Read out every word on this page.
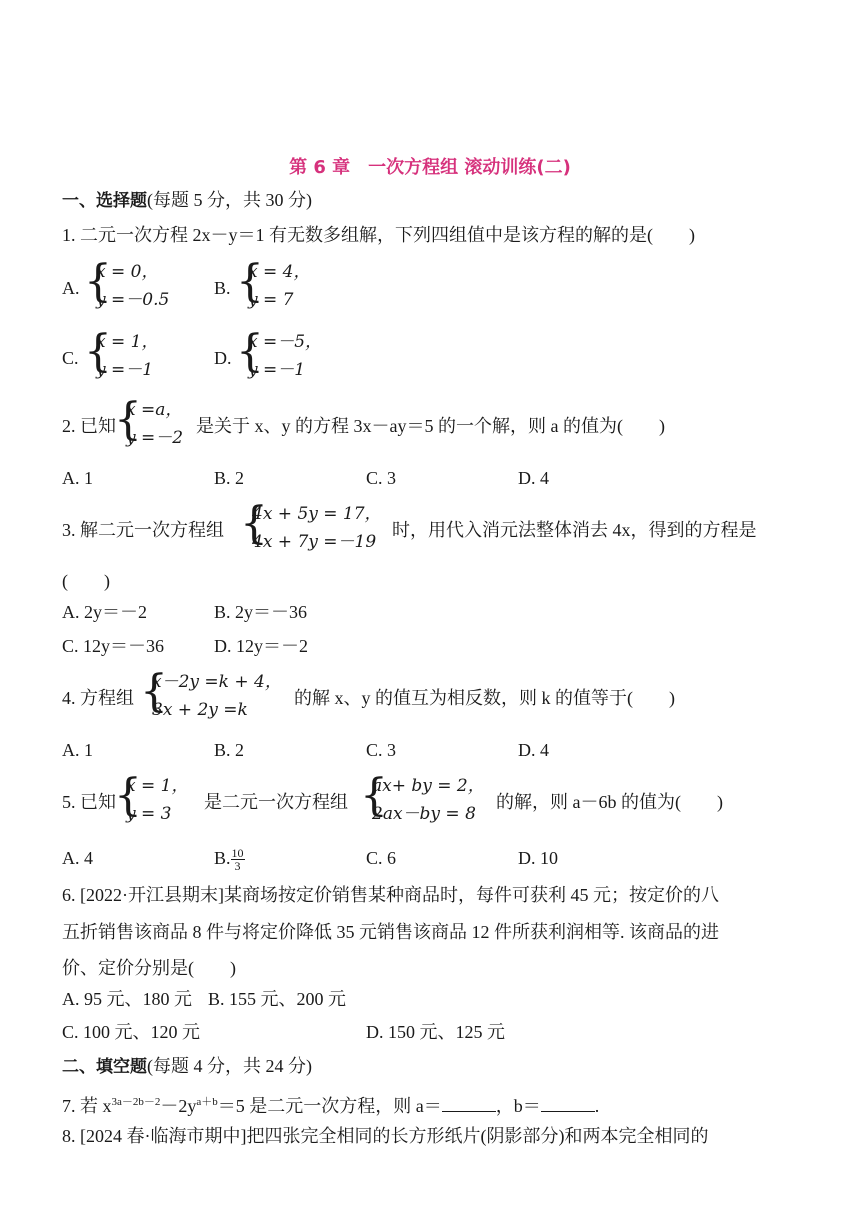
第 6 章　一次方程组 滚动训练(二)
一、选择题(每题 5 分，共 30 分)
1. 二元一次方程 2x－y＝1 有无数多组解，下列四组值中是该方程的解的是(　　)
A. {
x = 0，
y =－0.5
B. {
x = 4，
y = 7
C. {
x = 1，
y =－1
D. {
x =－5，
y =－1
2. 已知
{
x =a，
y =－2
是关于 x、y 的方程 3x－ay＝5 的一个解，则 a 的值为(　　)
A. 1	B. 2	C. 3	D. 4
3. 解二元一次方程组 {
4x + 5y = 17，
4x + 7y =－19
时，用代入消元法整体消去 4x，得到的方程是
(　　)
A. 2y＝－2	B. 2y＝－36
C. 12y＝－36	D. 12y＝－2
4. 方程组 {
x－2y =k + 4，
3x + 2y =k
的解 x、y 的值互为相反数，则 k 的值等于(　　)
A. 1	B. 2	C. 3	D. 4
5. 已知
{
x = 1，
y = 3
是二元一次方程组 {
ax+ by = 2，
2ax－by = 8
的解，则 a－6b 的值为(　　)
A. 4	B. $\frac{10}{3}$	C. 6	D. 10
6. [2022·开江县期末]某商场按定价销售某种商品时，每件可获利 45 元；按定价的八
五折销售该商品 8 件与将定价降低 35 元销售该商品 12 件所获利润相等. 该商品的进
价、定价分别是(　　)
A. 95 元、180 元 B. 155 元、200 元
C. 100 元、120 元	D. 150 元、125 元
二、填空题(每题 4 分，共 24 分)
7. 若 $x^{3a-2b-2}-2y^{a+b}=5$ 是二元一次方程，则 a＝	，b＝	.
8. [2024 春·临海市期中]把四张完全相同的长方形纸片(阴影部分)和两本完全相同的
